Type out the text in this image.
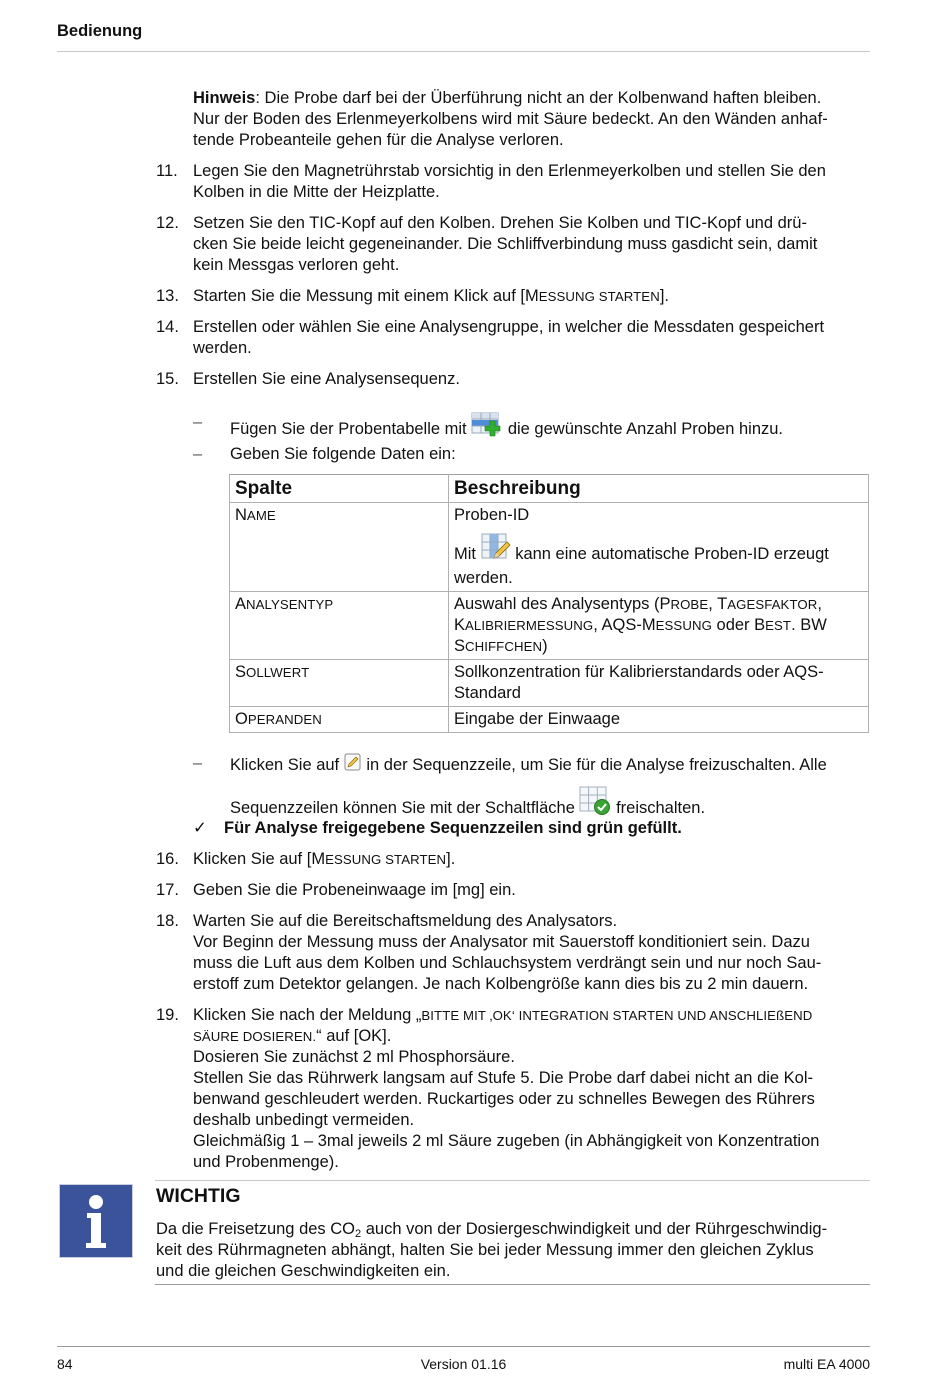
Bedienung
Hinweis: Die Probe darf bei der Überführung nicht an der Kolbenwand haften bleiben.
Nur der Boden des Erlenmeyerkolbens wird mit Säure bedeckt. An den Wänden anhaf-
tende Probeanteile gehen für die Analyse verloren.
11. Legen Sie den Magnetrührstab vorsichtig in den Erlenmeyerkolben und stellen Sie den
Kolben in die Mitte der Heizplatte.
12. Setzen Sie den TIC-Kopf auf den Kolben. Drehen Sie Kolben und TIC-Kopf und drü-
cken Sie beide leicht gegeneinander. Die Schliffverbindung muss gasdicht sein, damit
kein Messgas verloren geht.
13. Starten Sie die Messung mit einem Klick auf [MESSUNG STARTEN].
14. Erstellen oder wählen Sie eine Analysengruppe, in welcher die Messdaten gespeichert
werden.
15. Erstellen Sie eine Analysensequenz.
– Fügen Sie der Probentabelle mit die gewünschte Anzahl Proben hinzu.
– Geben Sie folgende Daten ein:
Spalte	Beschreibung
NAME	Proben-ID

Mit kann eine automatische Proben-ID erzeugt
werden.

ANALYSENTYP	Auswahl des Analysentyps (PROBE, TAGESFAKTOR,
KALIBRIERMESSUNG, AQS-MESSUNG oder BEST. BW
SCHIFFCHEN)
SOLLWERT	Sollkonzentration für Kalibrierstandards oder AQS-
Standard
OPERANDEN	Eingabe der Einwaage
– Klicken Sie auf in der Sequenzzeile, um Sie für die Analyse freizuschalten. Alle
Sequenzzeilen können Sie mit der Schaltfläche freischalten.
✓ Für Analyse freigegebene Sequenzzeilen sind grün gefüllt.
16. Klicken Sie auf [MESSUNG STARTEN].
17. Geben Sie die Probeneinwaage im [mg] ein.
18. Warten Sie auf die Bereitschaftsmeldung des Analysators.
Vor Beginn der Messung muss der Analysator mit Sauerstoff konditioniert sein. Dazu
muss die Luft aus dem Kolben und Schlauchsystem verdrängt sein und nur noch Sau-
erstoff zum Detektor gelangen. Je nach Kolbengröße kann dies bis zu 2 min dauern.
19. Klicken Sie nach der Meldung „BITTE MIT ‚OK‘ INTEGRATION STARTEN UND ANSCHLIEßEND
SÄURE DOSIEREN.“ auf [OK].
Dosieren Sie zunächst 2 ml Phosphorsäure.
Stellen Sie das Rührwerk langsam auf Stufe 5. Die Probe darf dabei nicht an die Kol-
benwand geschleudert werden. Ruckartiges oder zu schnelles Bewegen des Rührers
deshalb unbedingt vermeiden.
Gleichmäßig 1 – 3mal jeweils 2 ml Säure zugeben (in Abhängigkeit von Konzentration
und Probenmenge).
WICHTIG
Da die Freisetzung des $CO_2$ auch von der Dosiergeschwindigkeit und der Rührgeschwindig-
keit des Rührmagneten abhängt, halten Sie bei jeder Messung immer den gleichen Zyklus
und die gleichen Geschwindigkeiten ein.
84	Version 01.16	multi EA 4000
